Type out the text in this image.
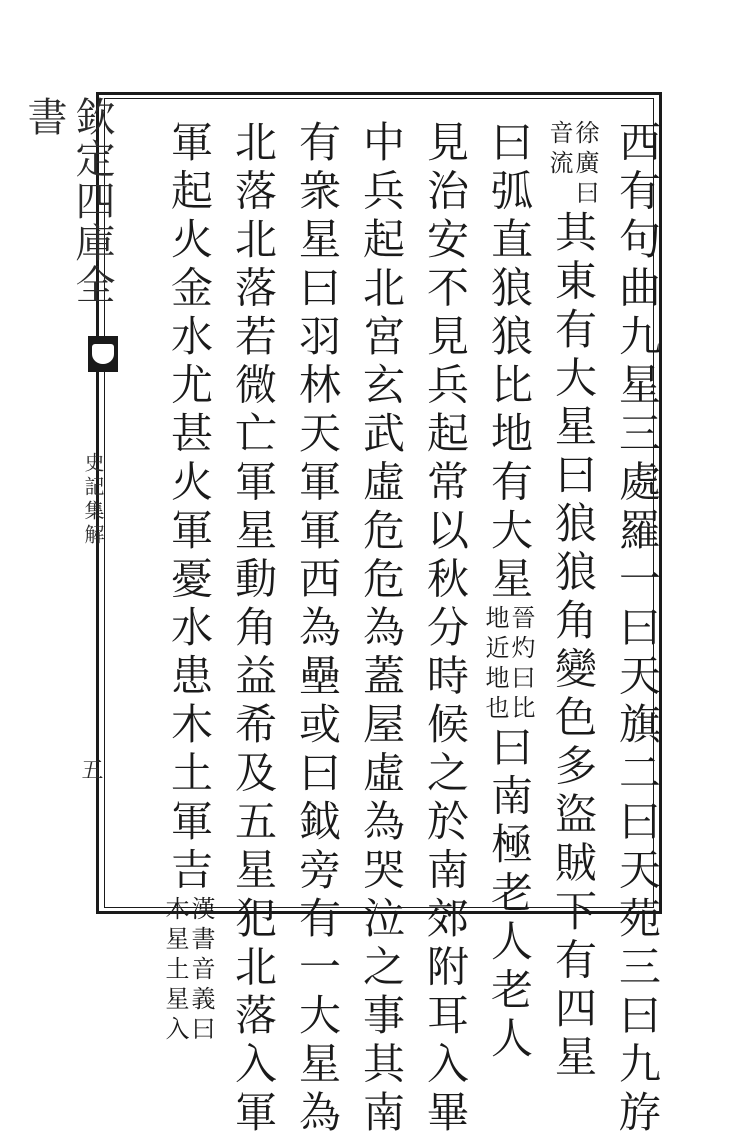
欽定四庫全書
史記集解
五	西有句曲九星三處羅一曰天旗二曰天苑三曰九斿
徐廣曰
音流
其東有大星曰狼狼角變色多盜賊下有四星
曰弧直狼狼比地有大星
晉灼曰比
地近地也
曰南極老人老人
見治安不見兵起常以秋分時候之於南郊附耳入畢
中兵起北宮玄武虛危危為蓋屋虛為哭泣之事其南
有衆星曰羽林天軍軍西為壘或曰鉞旁有一大星為
北落北落若微亡軍星動角益希及五星犯北落入軍
軍起火金水尤甚火軍憂水患木土軍吉
漢書音義曰
木星土星入
